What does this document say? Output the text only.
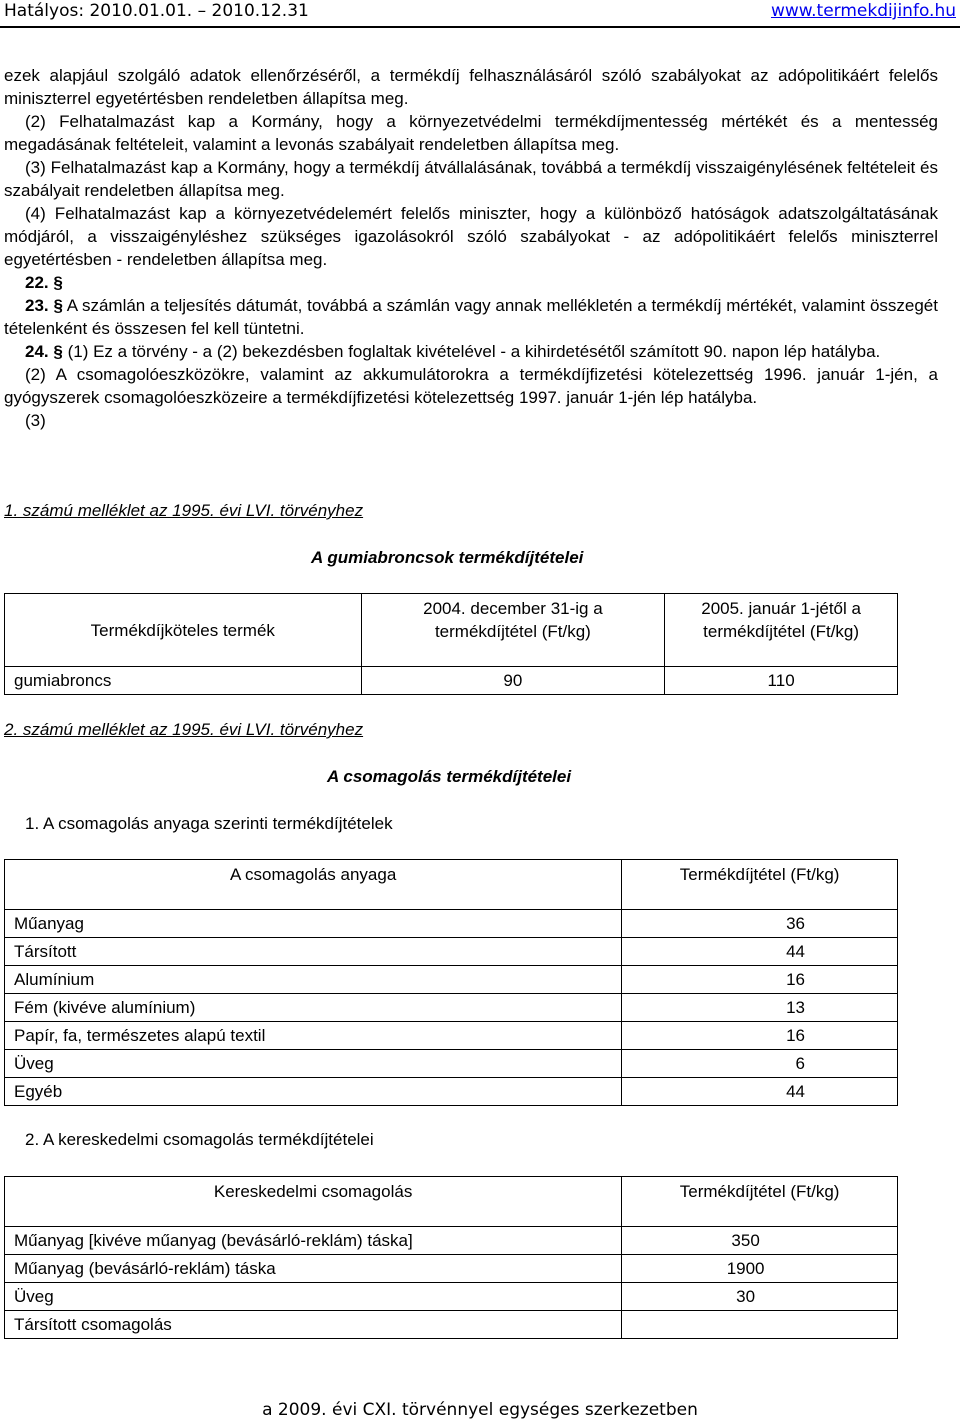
Hatályos: 2010.01.01. – 2010.12.31	www.termekdijinfo.hu
ezek alapjául szolgáló adatok ellenőrzéséről, a termékdíj felhasználásáról szóló szabályokat az adópolitikáért felelős miniszterrel egyetértésben rendeletben állapítsa meg.
(2) Felhatalmazást kap a Kormány, hogy a környezetvédelmi termékdíjmentesség mértékét és a mentesség megadásának feltételeit, valamint a levonás szabályait rendeletben állapítsa meg.
(3) Felhatalmazást kap a Kormány, hogy a termékdíj átvállalásának, továbbá a termékdíj visszaigénylésének feltételeit és szabályait rendeletben állapítsa meg.
(4) Felhatalmazást kap a környezetvédelemért felelős miniszter, hogy a különböző hatóságok adatszolgáltatásának módjáról, a visszaigényléshez szükséges igazolásokról szóló szabályokat - az adópolitikáért felelős miniszterrel egyetértésben - rendeletben állapítsa meg.
22. §
23. § A számlán a teljesítés dátumát, továbbá a számlán vagy annak mellékletén a termékdíj mértékét, valamint összegét tételenként és összesen fel kell tüntetni.
24. § (1) Ez a törvény - a (2) bekezdésben foglaltak kivételével - a kihirdetésétől számított 90. napon lép hatályba.
(2) A csomagolóeszközökre, valamint az akkumulátorokra a termékdíjfizetési kötelezettség 1996. január 1-jén, a gyógyszerek csomagolóeszközeire a termékdíjfizetési kötelezettség 1997. január 1-jén lép hatályba.
(3)
1. számú melléklet az 1995. évi LVI. törvényhez
A gumiabroncsok termékdíjtételei
Termékdíjköteles termék	2004. december 31-ig a termékdíjtétel (Ft/kg)	2005. január 1-jétől a termékdíjtétel (Ft/kg)
gumiabroncs	90	110
2. számú melléklet az 1995. évi LVI. törvényhez
A csomagolás termékdíjtételei
1. A csomagolás anyaga szerinti termékdíjtételek
A csomagolás anyaga	Termékdíjtétel (Ft/kg)
Műanyag	36
Társított	44
Alumínium	16
Fém (kivéve alumínium)	13
Papír, fa, természetes alapú textil	16
Üveg	6
Egyéb	44
2. A kereskedelmi csomagolás termékdíjtételei
Kereskedelmi csomagolás	Termékdíjtétel (Ft/kg)
Műanyag [kivéve műanyag (bevásárló-reklám) táska]	350
Műanyag (bevásárló-reklám) táska	1900
Üveg	30
Társított csomagolás	
a 2009. évi CXI. törvénnyel egységes szerkezetben
